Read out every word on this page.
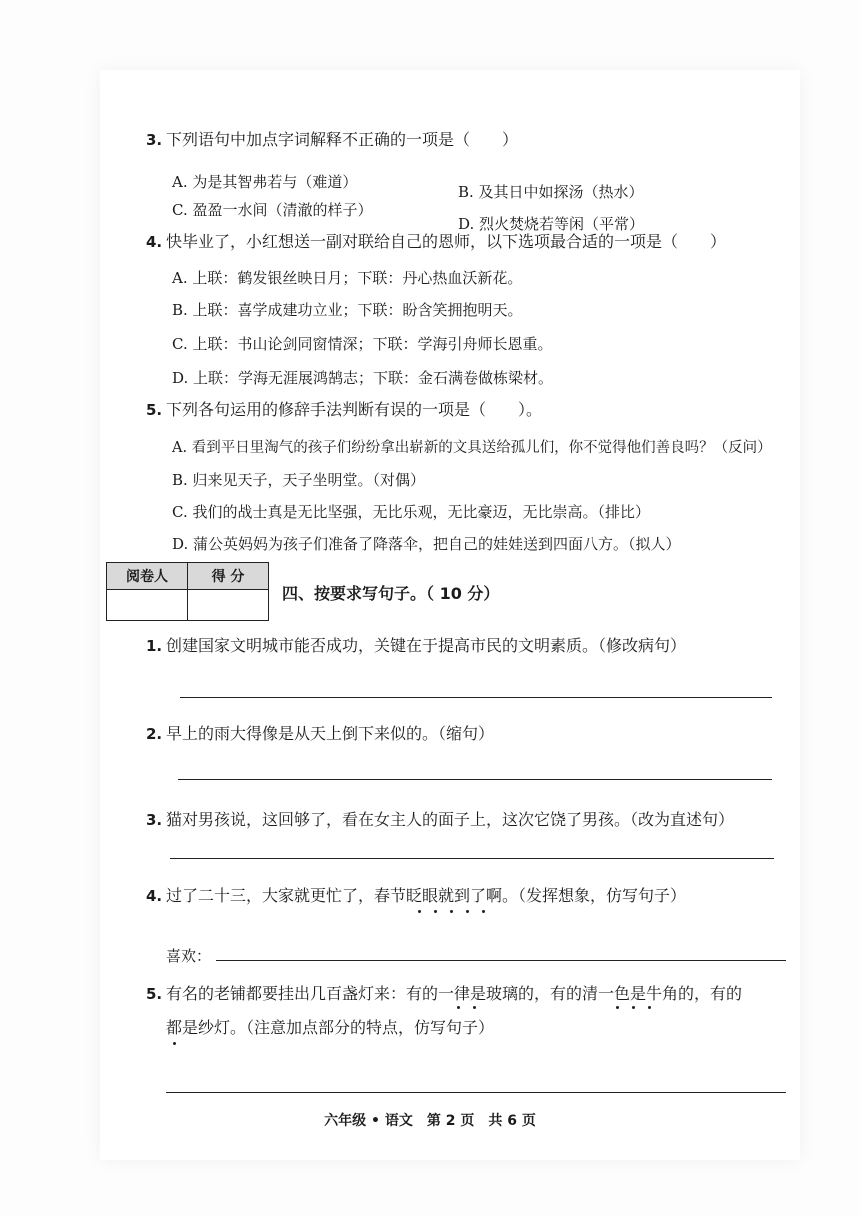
3. 下列语句中加点字词解释不正确的一项是（　　）
A. 为是其智弗若与（难道）
B. 及其日中如探汤（热水）
C. 盈盈一水间（清澈的样子）
D. 烈火焚烧若等闲（平常）
4. 快毕业了，小红想送一副对联给自己的恩师，以下选项最合适的一项是（　　）
A. 上联：鹤发银丝映日月；下联：丹心热血沃新花。
B. 上联：喜学成建功立业；下联：盼含笑拥抱明天。
C. 上联：书山论剑同窗情深；下联：学海引舟师长恩重。
D. 上联：学海无涯展鸿鹄志；下联：金石满卷做栋梁材。
5. 下列各句运用的修辞手法判断有误的一项是（　　）。
A. 看到平日里淘气的孩子们纷纷拿出崭新的文具送给孤儿们，你不觉得他们善良吗？（反问）
B. 归来见天子，天子坐明堂。（对偶）
C. 我们的战士真是无比坚强，无比乐观，无比豪迈，无比崇高。（排比）
D. 蒲公英妈妈为孩子们准备了降落伞，把自己的娃娃送到四面八方。（拟人）
阅卷人	得 分

四、按要求写句子。（ 10 分）
1. 创建国家文明城市能否成功，关键在于提高市民的文明素质。（修改病句）
2. 早上的雨大得像是从天上倒下来似的。（缩句）
3. 猫对男孩说，这回够了，看在女主人的面子上，这次它饶了男孩。（改为直述句）
4. 过了二十三，大家就更忙了，春节眨眼就到了啊。（发挥想象，仿写句子）
喜欢：
5. 有名的老铺都要挂出几百盏灯来：有的一律是玻璃的，有的清一色是牛角的，有的
都是纱灯。（注意加点部分的特点，仿写句子）
六年级 • 语文　第 2 页　共 6 页
